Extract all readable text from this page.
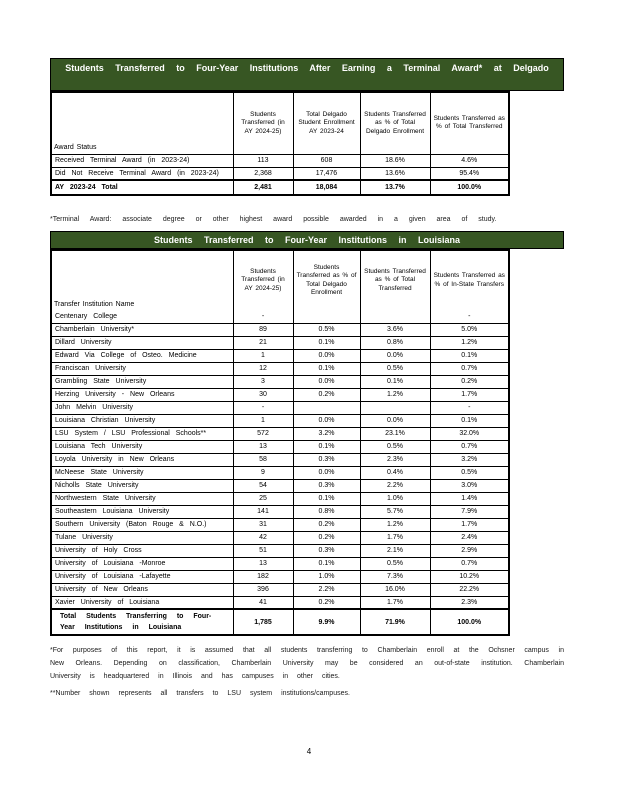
Students Transferred to Four-Year Institutions After Earning a Terminal Award* at Delgado
Award Status	Students Transferred (in AY 2024-25)	Total Delgado Student Enrollment AY 2023-24	Students Transferred as % of Total Delgado Enrollment	Students Transferred as % of Total Transferred
Received Terminal Award (in 2023-24)	113	608	18.6%	4.6%
Did Not Receive Terminal Award (in 2023-24)	2,368	17,476	13.6%	95.4%
AY 2023-24 Total	2,481	18,084	13.7%	100.0%

*Terminal Award: associate degree or other highest award possible awarded in a given area of study.

Students Transferred to Four-Year Institutions in Louisiana
Transfer Institution Name	Students Transferred (in AY 2024-25)	Students Transferred as % of Total Delgado Enrollment	Students Transferred as % of Total Transferred	Students Transferred as % of In-State Transfers
Centenary College	-			-
Chamberlain University*	89	0.5%	3.6%	5.0%
Dillard University	21	0.1%	0.8%	1.2%
Edward Via College of Osteo. Medicine	1	0.0%	0.0%	0.1%
Franciscan University	12	0.1%	0.5%	0.7%
Grambling State University	3	0.0%	0.1%	0.2%
Herzing University - New Orleans	30	0.2%	1.2%	1.7%
John Melvin University	-			-
Louisiana Christian University	1	0.0%	0.0%	0.1%
LSU System / LSU Professional Schools**	572	3.2%	23.1%	32.0%
Louisiana Tech University	13	0.1%	0.5%	0.7%
Loyola University in New Orleans	58	0.3%	2.3%	3.2%
McNeese State University	9	0.0%	0.4%	0.5%
Nicholls State University	54	0.3%	2.2%	3.0%
Northwestern State University	25	0.1%	1.0%	1.4%
Southeastern Louisiana University	141	0.8%	5.7%	7.9%
Southern University (Baton Rouge & N.O.)	31	0.2%	1.2%	1.7%
Tulane University	42	0.2%	1.7%	2.4%
University of Holy Cross	51	0.3%	2.1%	2.9%
University of Louisiana -Monroe	13	0.1%	0.5%	0.7%
University of Louisiana -Lafayette	182	1.0%	7.3%	10.2%
University of New Orleans	396	2.2%	16.0%	22.2%
Xavier University of Louisiana	41	0.2%	1.7%	2.3%
Total Students Transferring to Four-Year Institutions in Louisiana	1,785	9.9%	71.9%	100.0%

*For purposes of this report, it is assumed that all students transferring to Chamberlain enroll at the Ochsner campus in New Orleans. Depending on classification, Chamberlain University may be considered an out-of-state institution. Chamberlain University is headquartered in Illinois and has campuses in other cities.

**Number shown represents all transfers to LSU system institutions/campuses.

4
